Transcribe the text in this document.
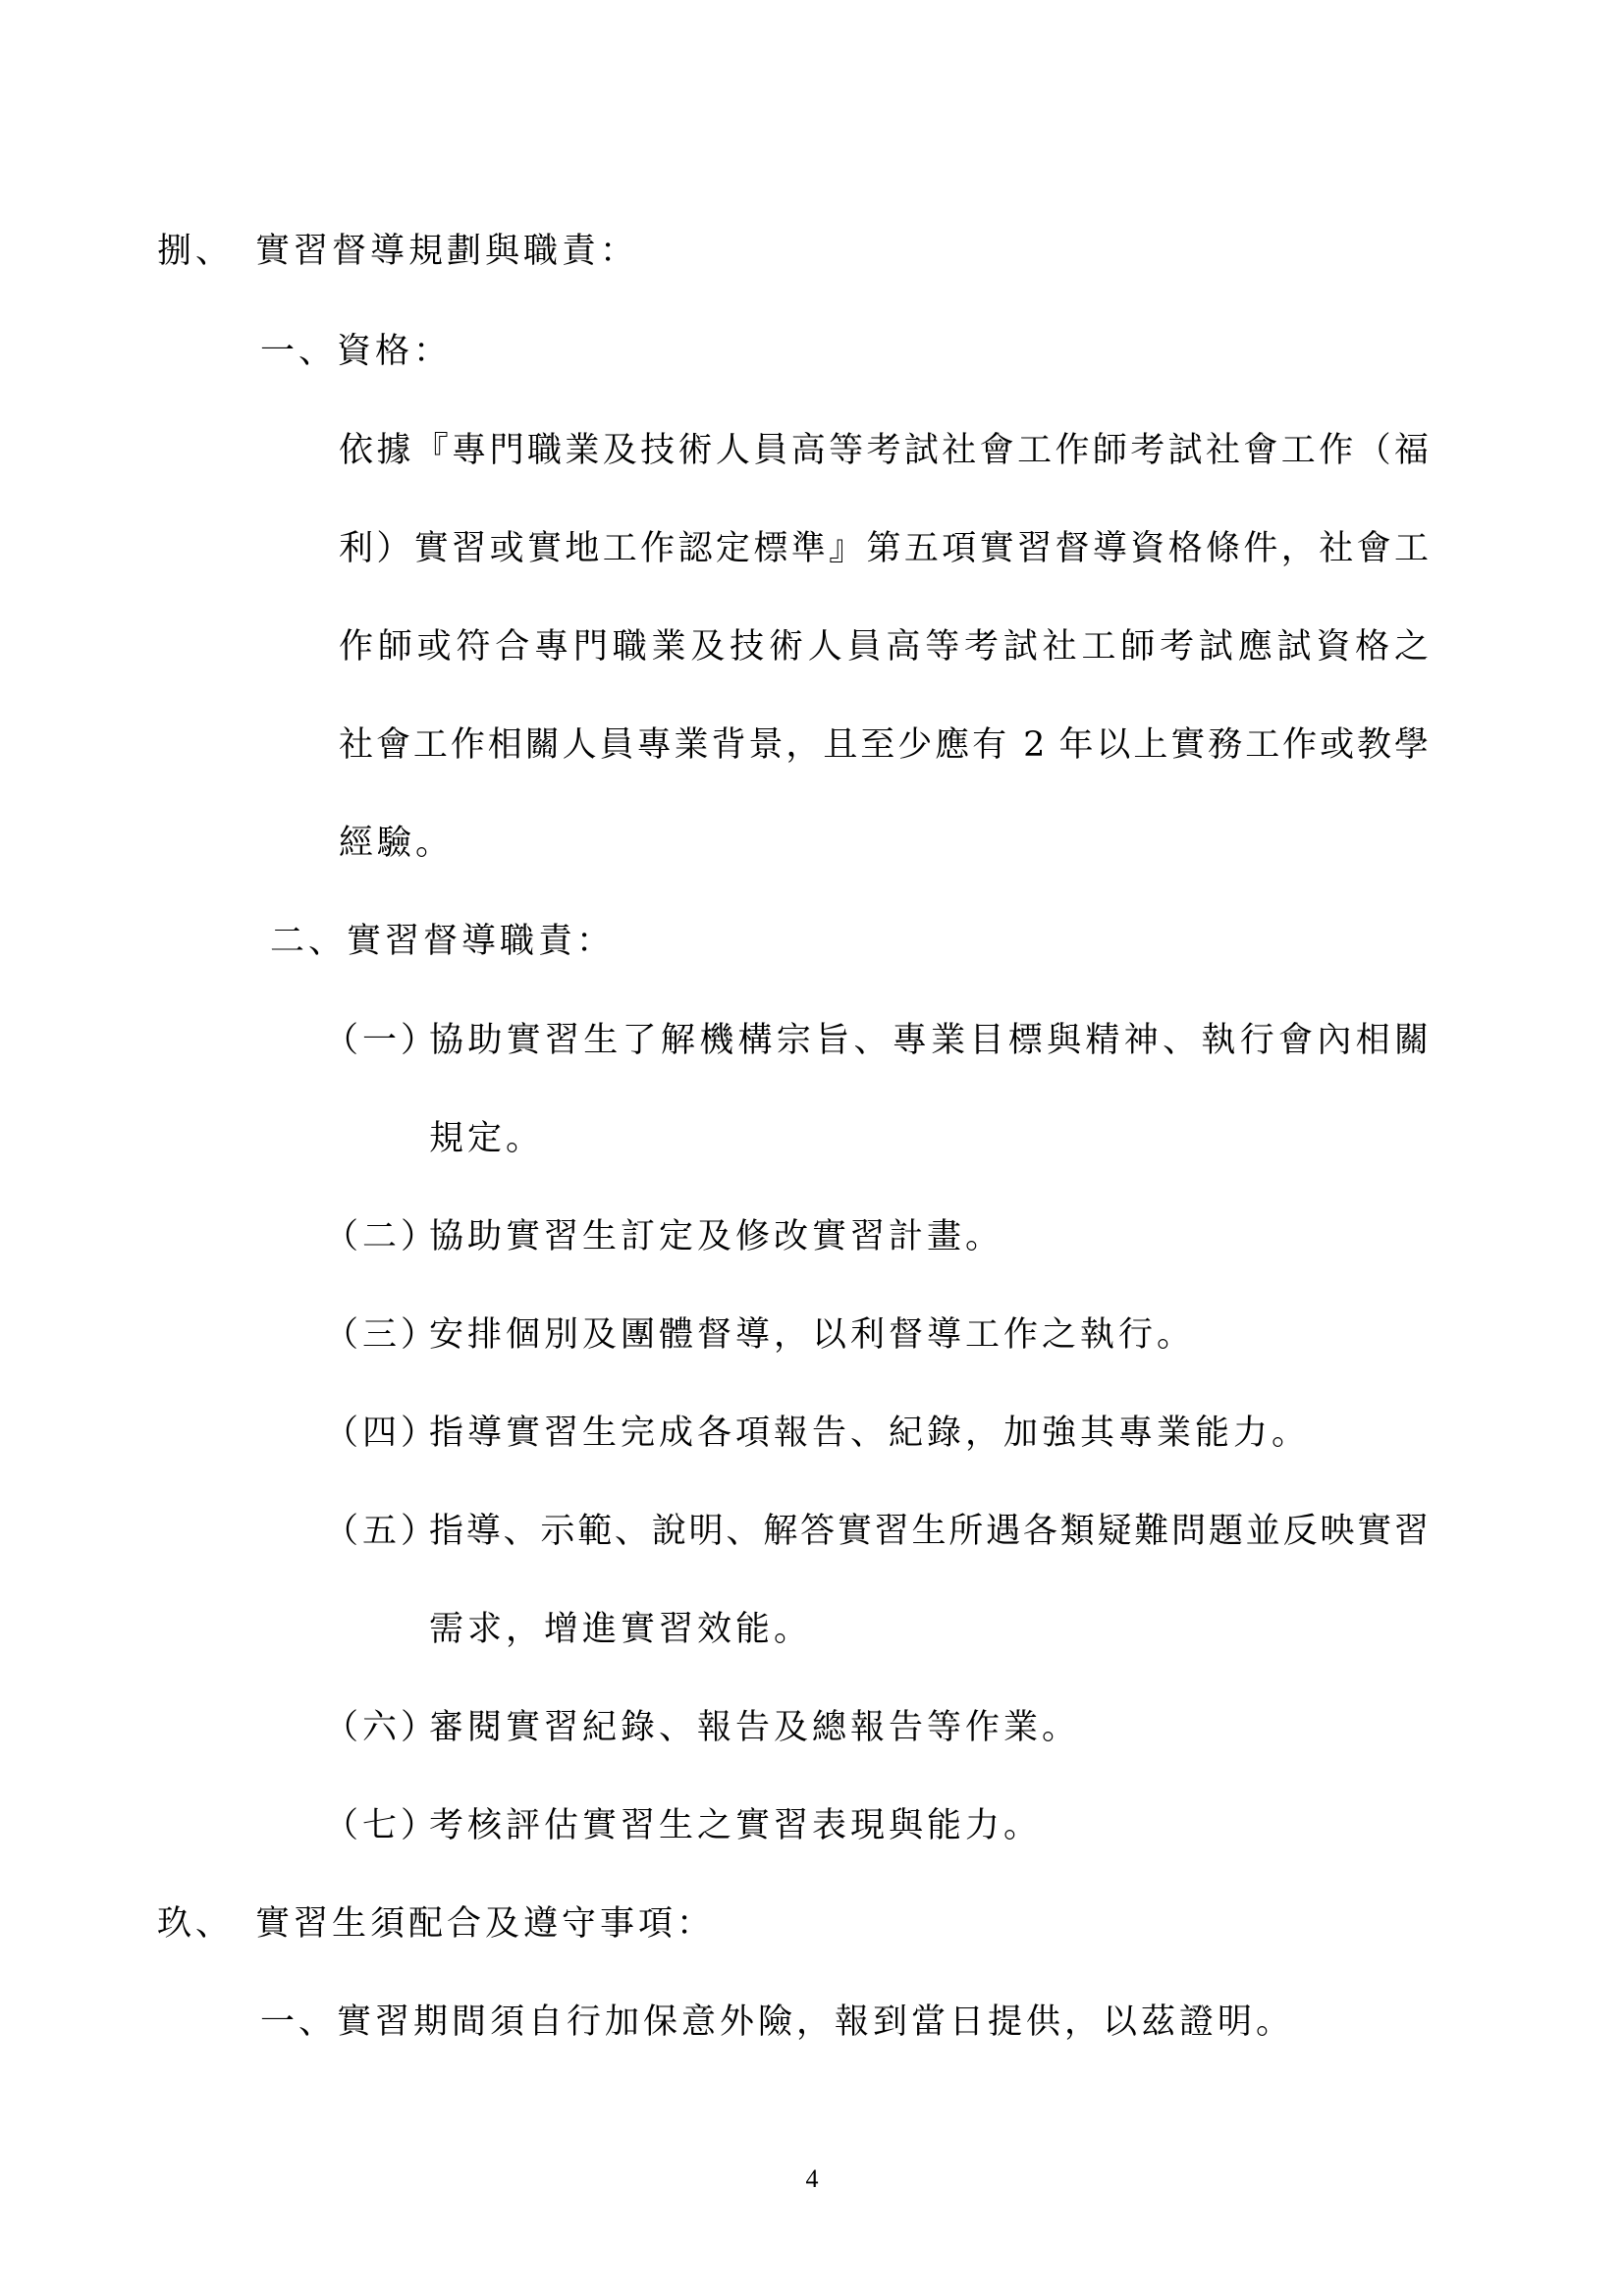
捌、 實習督導規劃與職責：
一、資格：
依據『專門職業及技術人員高等考試社會工作師考試社會工作（福
利）實習或實地工作認定標準』第五項實習督導資格條件，社會工
作師或符合專門職業及技術人員高等考試社工師考試應試資格之
社會工作相關人員專業背景，且至少應有 2 年以上實務工作或教學
經驗。
二、實習督導職責：
（一）
協助實習生了解機構宗旨、專業目標與精神、執行會內相關
規定。
（二）
協助實習生訂定及修改實習計畫。
（三）
安排個別及團體督導，以利督導工作之執行。
（四）
指導實習生完成各項報告、紀錄，加強其專業能力。
（五）
指導、示範、說明、解答實習生所遇各類疑難問題並反映實習
需求，增進實習效能。
（六）
審閱實習紀錄、報告及總報告等作業。
（七）
考核評估實習生之實習表現與能力。
玖、 實習生須配合及遵守事項：
一、實習期間須自行加保意外險，報到當日提供，以茲證明。
4
